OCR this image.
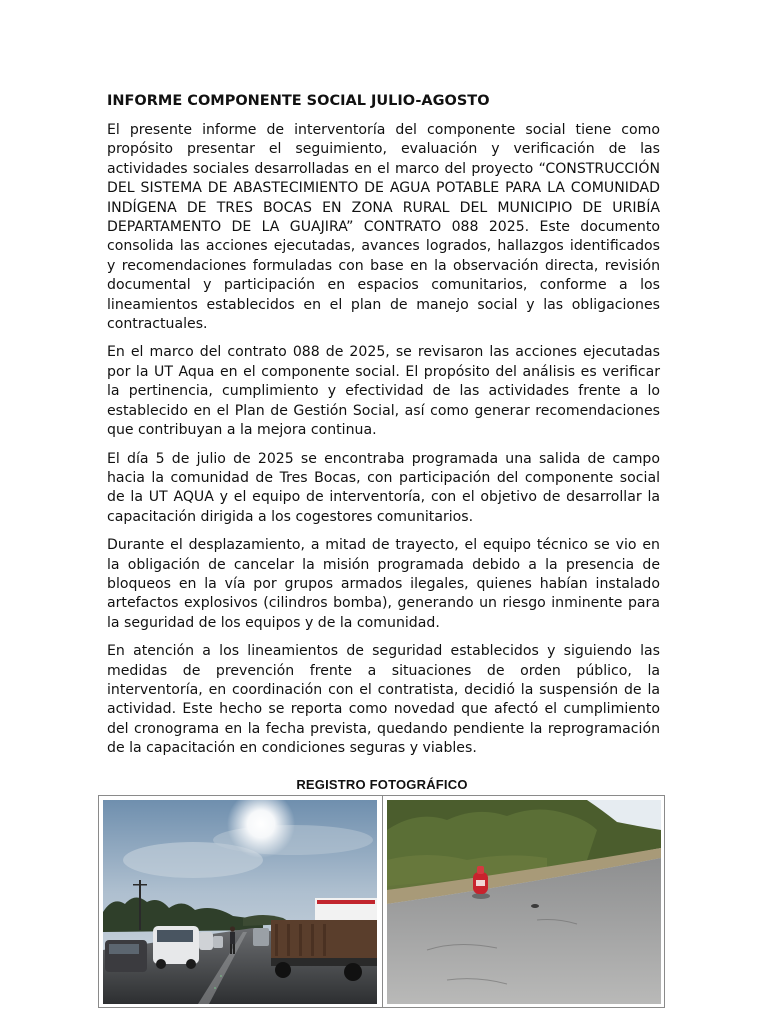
INFORME COMPONENTE SOCIAL JULIO-AGOSTO

El presente informe de interventoría del componente social tiene como propósito presentar el seguimiento, evaluación y verificación de las actividades sociales desarrolladas en el marco del proyecto “CONSTRUCCIÓN DEL SISTEMA DE ABASTECIMIENTO DE AGUA POTABLE PARA LA COMUNIDAD INDÍGENA DE TRES BOCAS EN ZONA RURAL DEL MUNICIPIO DE URIBÍA DEPARTAMENTO DE LA GUAJIRA” CONTRATO 088 2025. Este documento consolida las acciones ejecutadas, avances logrados, hallazgos identificados y recomendaciones formuladas con base en la observación directa, revisión documental y participación en espacios comunitarios, conforme a los lineamientos establecidos en el plan de manejo social y las obligaciones contractuales.

En el marco del contrato 088 de 2025, se revisaron las acciones ejecutadas por la UT Aqua en el componente social. El propósito del análisis es verificar la pertinencia, cumplimiento y efectividad de las actividades frente a lo establecido en el Plan de Gestión Social, así como generar recomendaciones que contribuyan a la mejora continua.

El día 5 de julio de 2025 se encontraba programada una salida de campo hacia la comunidad de Tres Bocas, con participación del componente social de la UT AQUA y el equipo de interventoría, con el objetivo de desarrollar la capacitación dirigida a los cogestores comunitarios.

Durante el desplazamiento, a mitad de trayecto, el equipo técnico se vio en la obligación de cancelar la misión programada debido a la presencia de bloqueos en la vía por grupos armados ilegales, quienes habían instalado artefactos explosivos (cilindros bomba), generando un riesgo inminente para la seguridad de los equipos y de la comunidad.

En atención a los lineamientos de seguridad establecidos y siguiendo las medidas de prevención frente a situaciones de orden público, la interventoría, en coordinación con el contratista, decidió la suspensión de la actividad. Este hecho se reporta como novedad que afectó el cumplimiento del cronograma en la fecha prevista, quedando pendiente la reprogramación de la capacitación en condiciones seguras y viables.

REGISTRO FOTOGRÁFICO
